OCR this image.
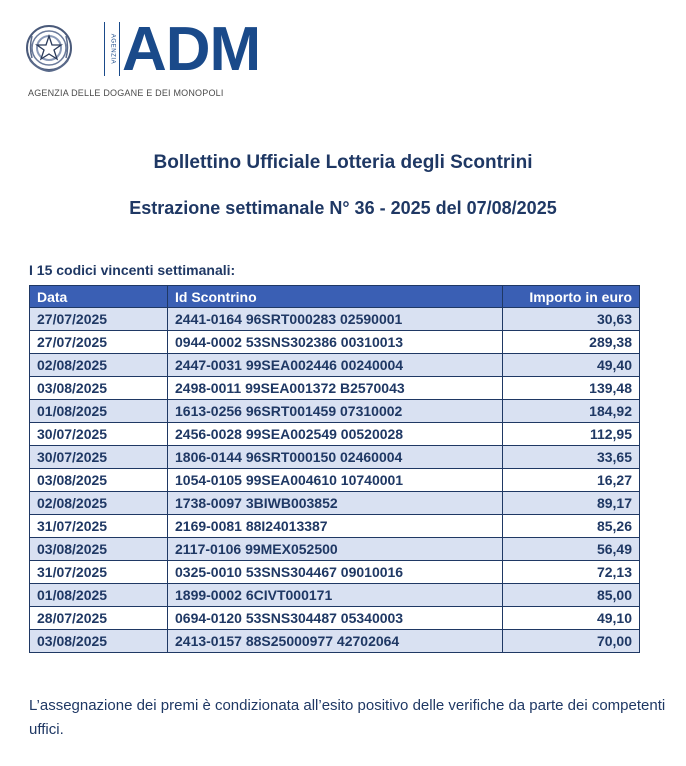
AGENZIA ADM
AGENZIA DELLE DOGANE E DEI MONOPOLI
Bollettino Ufficiale Lotteria degli Scontrini
Estrazione settimanale N° 36 - 2025 del 07/08/2025
I 15 codici vincenti settimanali:
Data	Id Scontrino	Importo in euro
27/07/2025	2441-0164 96SRT000283 02590001	30,63
27/07/2025	0944-0002 53SNS302386 00310013	289,38
02/08/2025	2447-0031 99SEA002446 00240004	49,40
03/08/2025	2498-0011 99SEA001372 B2570043	139,48
01/08/2025	1613-0256 96SRT001459 07310002	184,92
30/07/2025	2456-0028 99SEA002549 00520028	112,95
30/07/2025	1806-0144 96SRT000150 02460004	33,65
03/08/2025	1054-0105 99SEA004610 10740001	16,27
02/08/2025	1738-0097 3BIWB003852	89,17
31/07/2025	2169-0081 88I24013387	85,26
03/08/2025	2117-0106 99MEX052500	56,49
31/07/2025	0325-0010 53SNS304467 09010016	72,13
01/08/2025	1899-0002 6CIVT000171	85,00
28/07/2025	0694-0120 53SNS304487 05340003	49,10
03/08/2025	2413-0157 88S25000977 42702064	70,00
L’assegnazione dei premi è condizionata all’esito positivo delle verifiche da parte dei competenti uffici.
